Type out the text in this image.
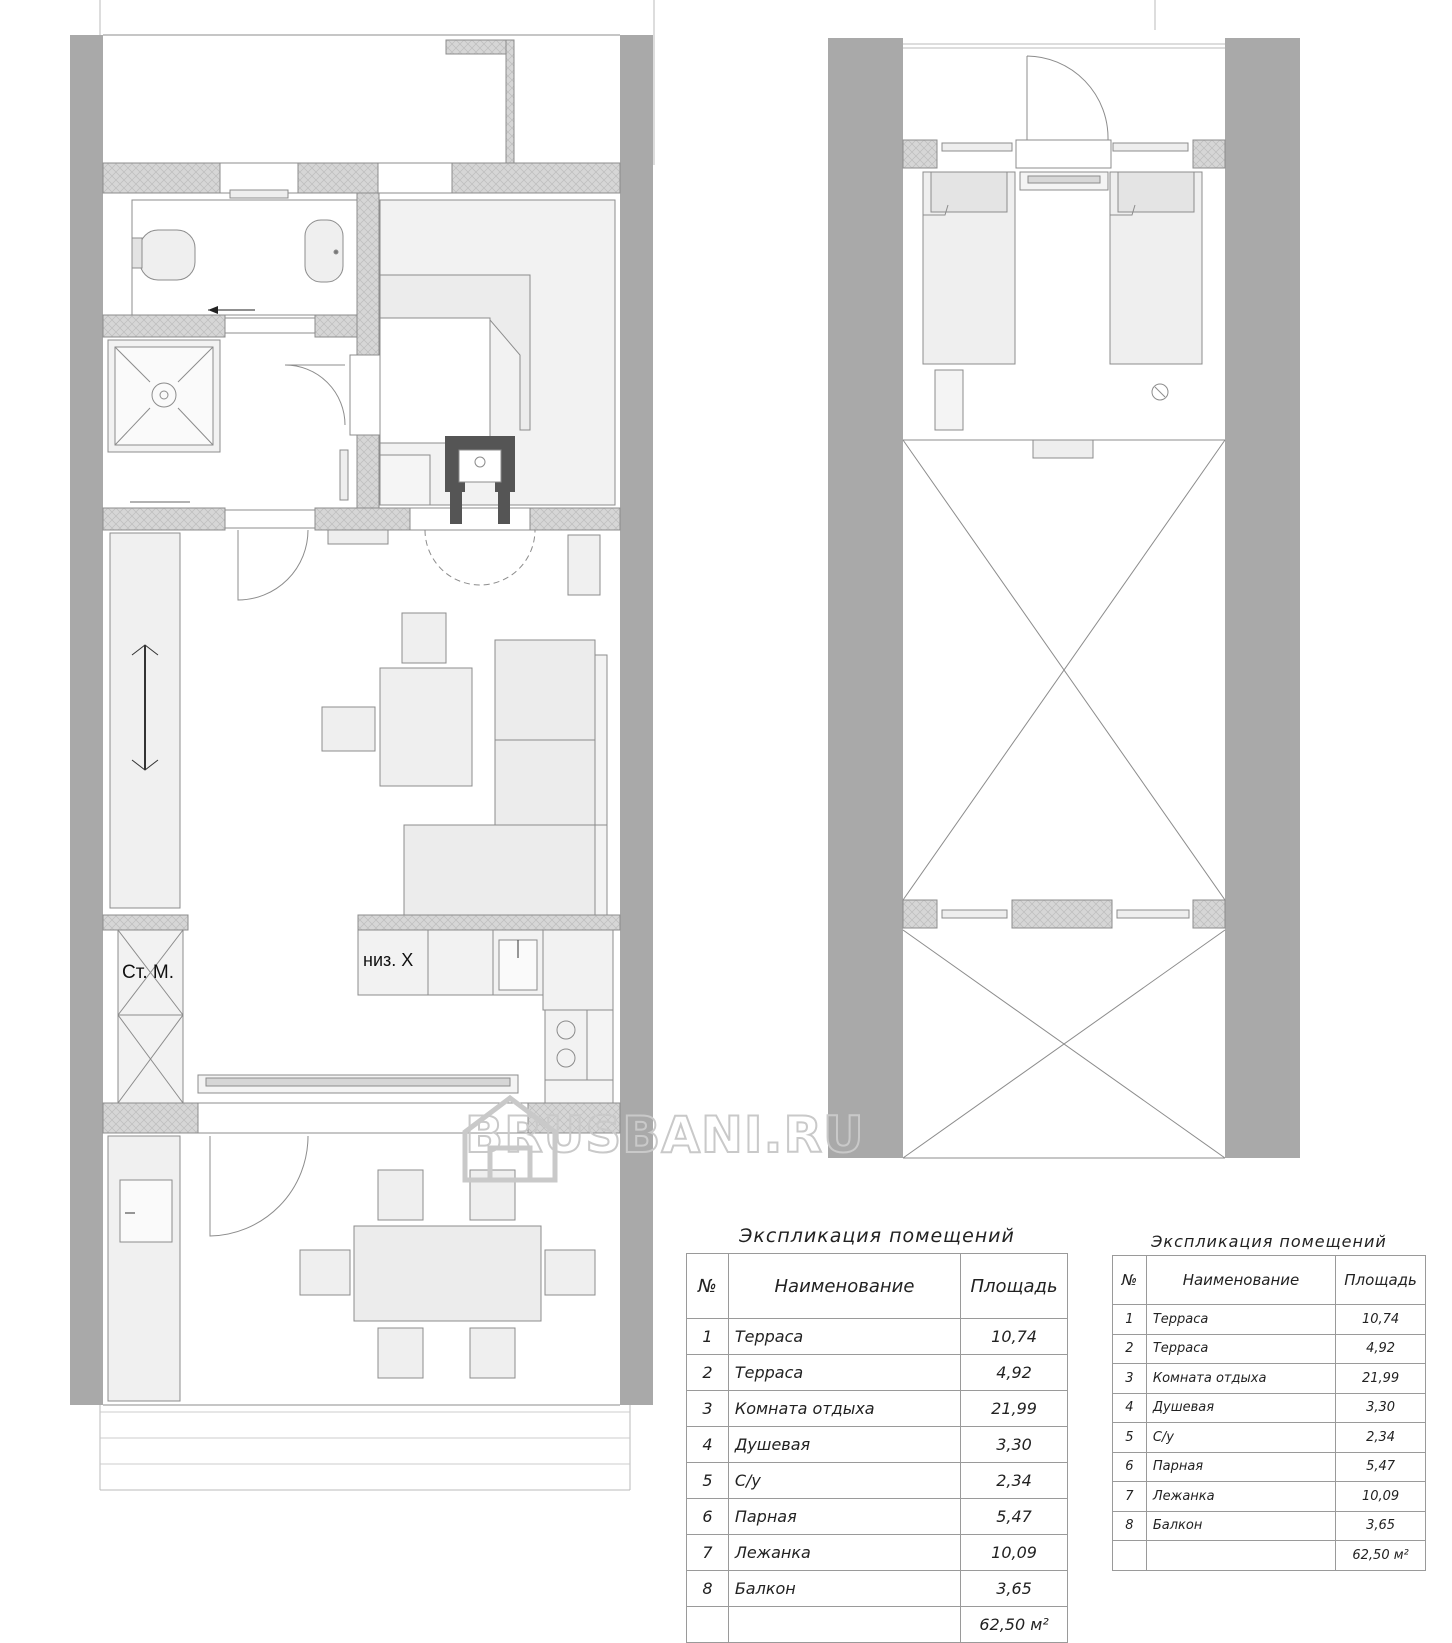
Ст. М.
низ. Х
BRUSBANI.RU
Экспликация помещений
№	Наименование	Площадь
1	Терраса	10,74
2	Терраса	4,92
3	Комната отдыха	21,99
4	Душевая	3,30
5	С/у	2,34
6	Парная	5,47
7	Лежанка	10,09
8	Балкон	3,65
		62,50 м²
Экспликация помещений
№	Наименование	Площадь
1	Терраса	10,74
2	Терраса	4,92
3	Комната отдыха	21,99
4	Душевая	3,30
5	С/у	2,34
6	Парная	5,47
7	Лежанка	10,09
8	Балкон	3,65
		62,50 м²
